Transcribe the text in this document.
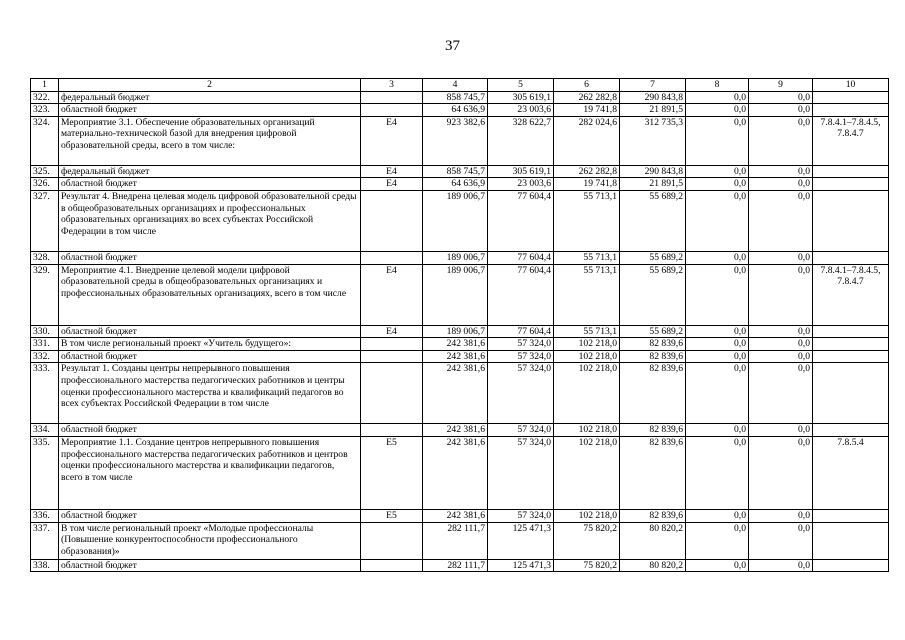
37
1	2	3	4	5	6	7	8	9	10
322.	федеральный бюджет		858 745,7	305 619,1	262 282,8	290 843,8	0,0	0,0	
323.	областной бюджет		64 636,9	23 003,6	19 741,8	21 891,5	0,0	0,0	
324.	Мероприятие 3.1. Обеспечение образовательных организаций материально-технической базой для внедрения цифровой образовательной среды, всего в том числе:	E4	923 382,6	328 622,7	282 024,6	312 735,3	0,0	0,0	7.8.4.1–7.8.4.5, 7.8.4.7
325.	федеральный бюджет	E4	858 745,7	305 619,1	262 282,8	290 843,8	0,0	0,0	
326.	областной бюджет	E4	64 636,9	23 003,6	19 741,8	21 891,5	0,0	0,0	
327.	Результат 4. Внедрена целевая модель цифровой образовательной среды в общеобразовательных организациях и профессиональных образовательных организациях во всех субъектах Российской Федерации в том числе		189 006,7	77 604,4	55 713,1	55 689,2	0,0	0,0	
328.	областной бюджет		189 006,7	77 604,4	55 713,1	55 689,2	0,0	0,0	
329.	Мероприятие 4.1. Внедрение целевой модели цифровой образовательной среды в общеобразовательных организациях и профессиональных образовательных организациях, всего в том числе	E4	189 006,7	77 604,4	55 713,1	55 689,2	0,0	0,0	7.8.4.1–7.8.4.5, 7.8.4.7
330.	областной бюджет	E4	189 006,7	77 604,4	55 713,1	55 689,2	0,0	0,0	
331.	В том числе региональный проект «Учитель будущего»:		242 381,6	57 324,0	102 218,0	82 839,6	0,0	0,0	
332.	областной бюджет		242 381,6	57 324,0	102 218,0	82 839,6	0,0	0,0	
333.	Результат 1. Созданы центры непрерывного повышения профессионального мастерства педагогических работников и центры оценки профессионального мастерства и квалификаций педагогов во всех субъектах Российской Федерации в том числе		242 381,6	57 324,0	102 218,0	82 839,6	0,0	0,0	
334.	областной бюджет		242 381,6	57 324,0	102 218,0	82 839,6	0,0	0,0	
335.	Мероприятие 1.1. Создание центров непрерывного повышения профессионального мастерства педагогических работников и центров оценки профессионального мастерства и квалификации педагогов, всего в том числе	E5	242 381,6	57 324,0	102 218,0	82 839,6	0,0	0,0	7.8.5.4
336.	областной бюджет	E5	242 381,6	57 324,0	102 218,0	82 839,6	0,0	0,0	
337.	В том числе региональный проект «Молодые профессионалы (Повышение конкурентоспособности профессионального образования)»		282 111,7	125 471,3	75 820,2	80 820,2	0,0	0,0	
338.	областной бюджет		282 111,7	125 471,3	75 820,2	80 820,2	0,0	0,0	
